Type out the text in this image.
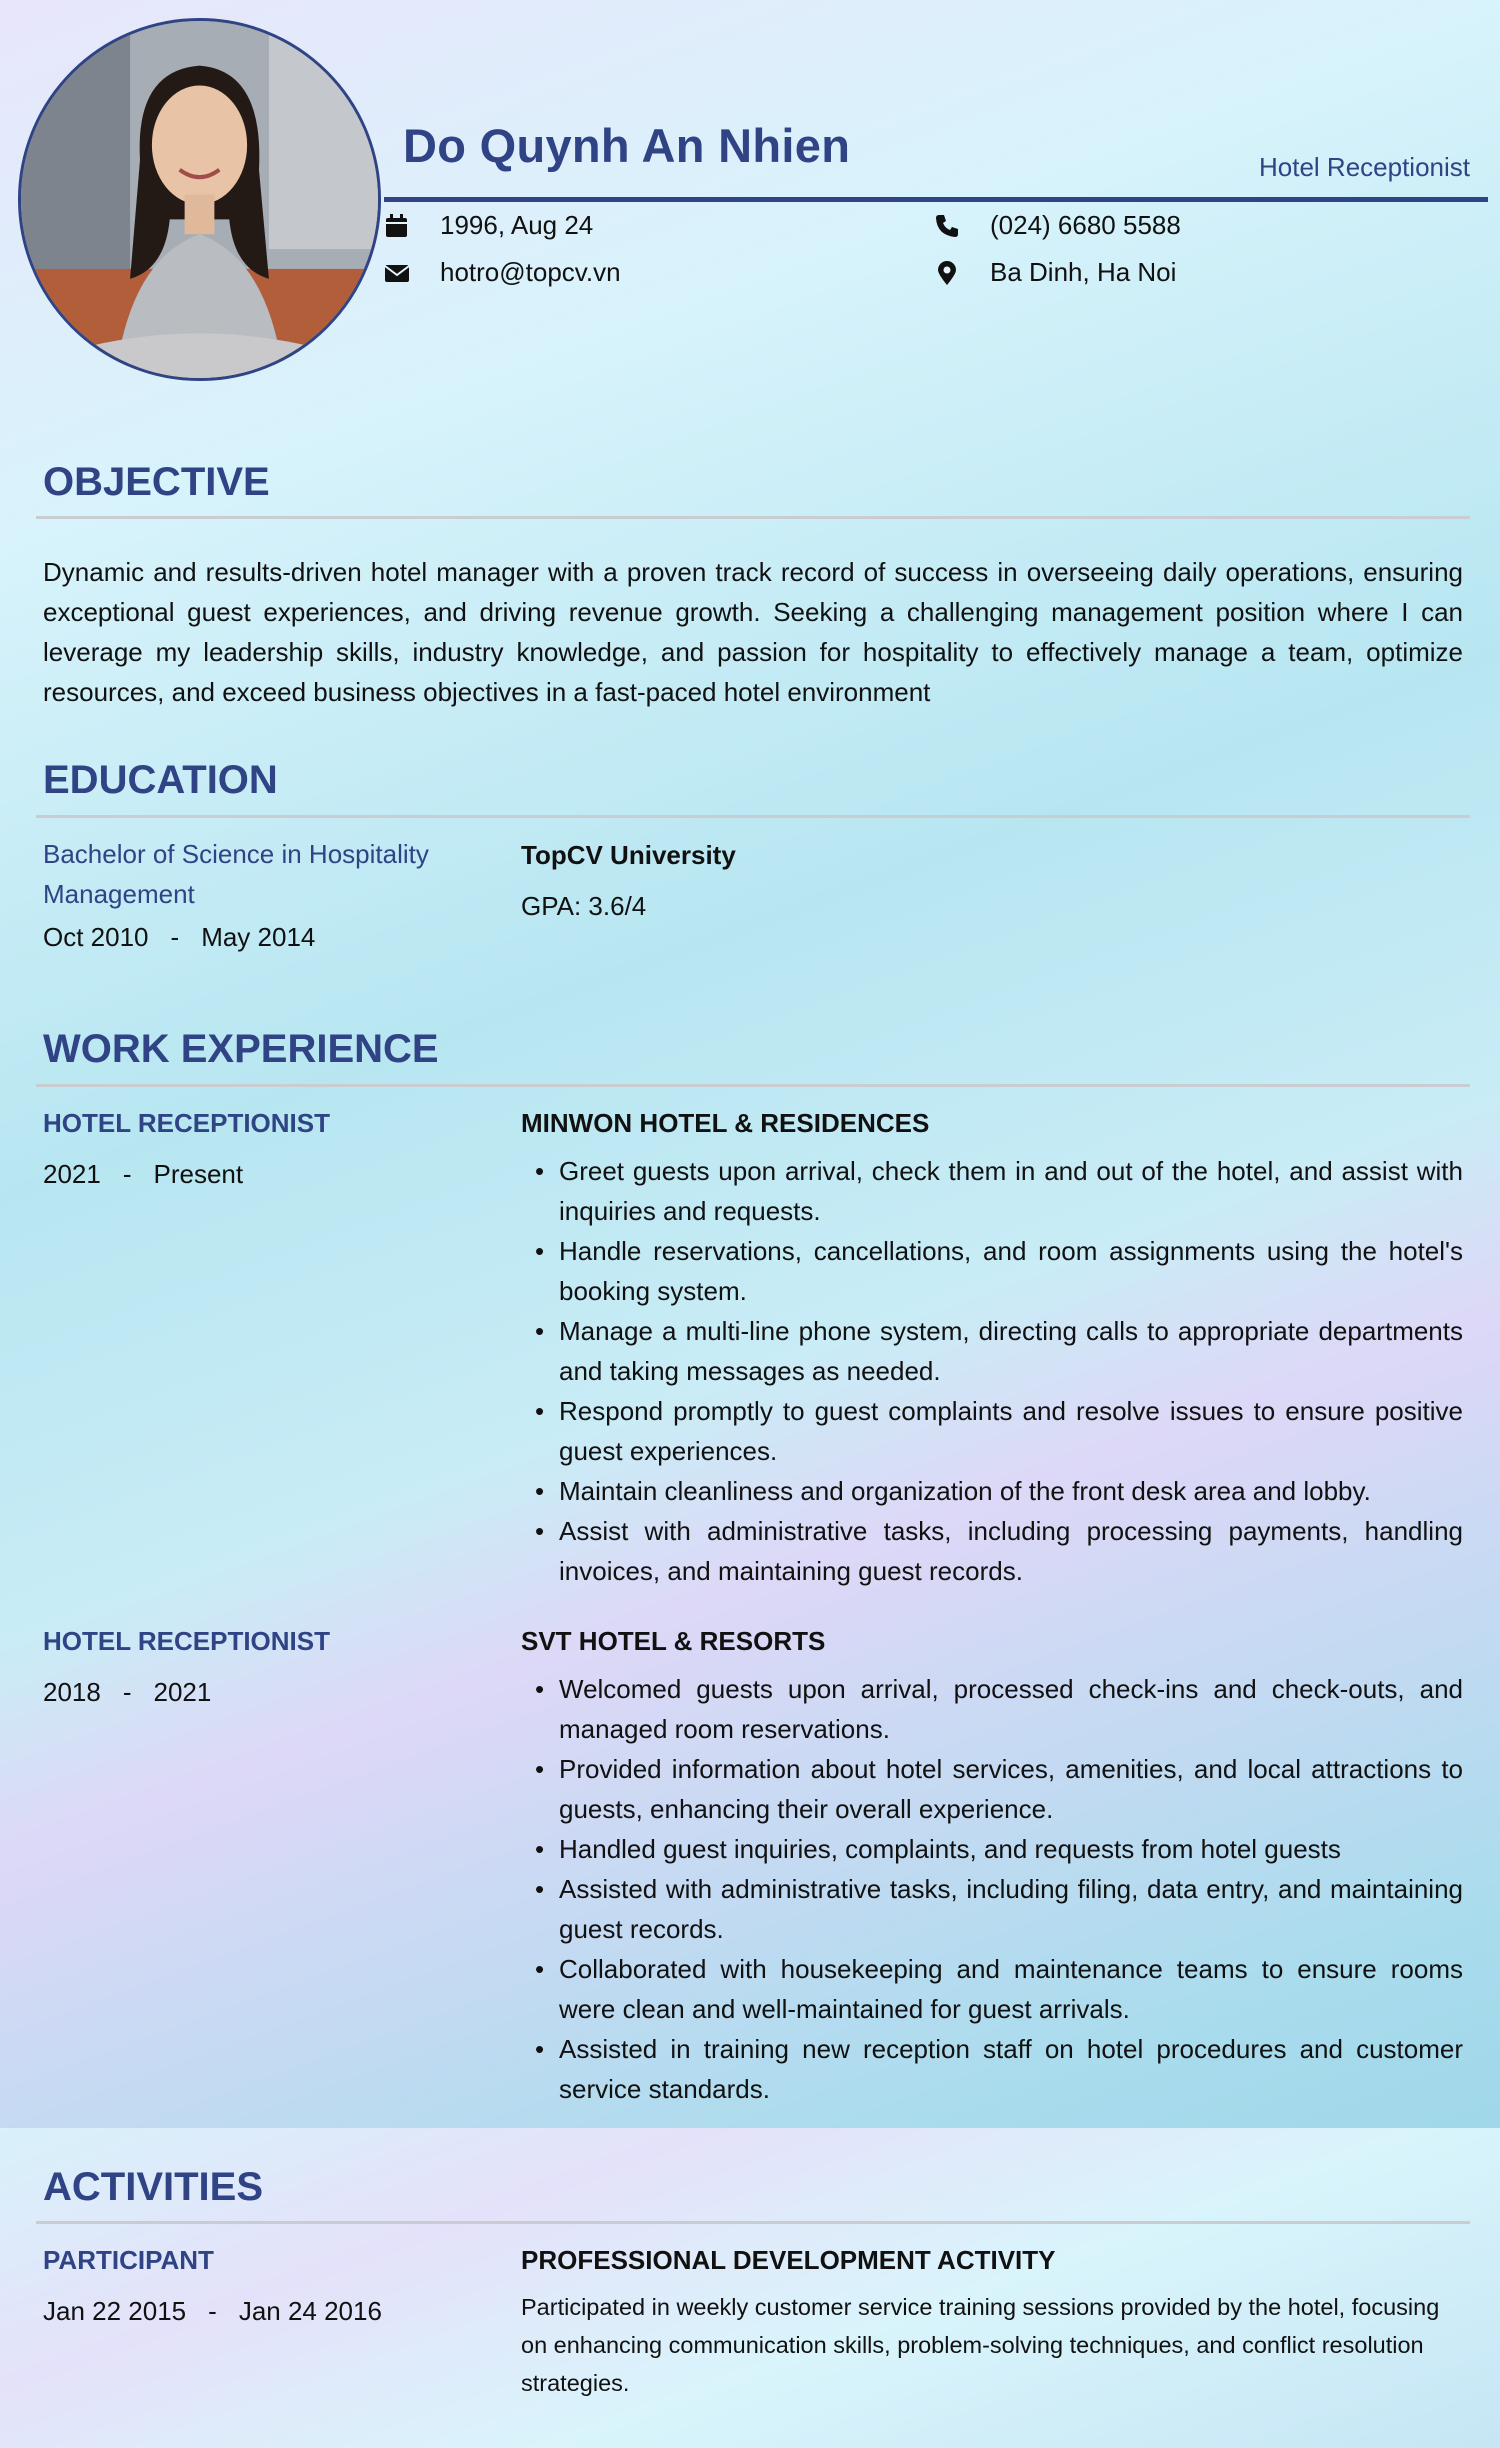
Do Quynh An Nhien	Hotel Receptionist
1996, Aug 24
hotro@topcv.vn
(024) 6680 5588
Ba Dinh, Ha Noi
OBJECTIVE
Dynamic and results-driven hotel manager with a proven track record of success in overseeing daily operations, ensuring exceptional guest experiences, and driving revenue growth. Seeking a challenging management position where I can leverage my leadership skills, industry knowledge, and passion for hospitality to effectively manage a team, optimize resources, and exceed business objectives in a fast-paced hotel environment
EDUCATION
Bachelor of Science in Hospitality Management
Oct 2010 - May 2014
TopCV University
GPA: 3.6/4
WORK EXPERIENCE
HOTEL RECEPTIONIST
2021 - Present
MINWON HOTEL & RESIDENCES
• Greet guests upon arrival, check them in and out of the hotel, and assist with inquiries and requests.
• Handle reservations, cancellations, and room assignments using the hotel's booking system.
• Manage a multi-line phone system, directing calls to appropriate departments and taking messages as needed.
• Respond promptly to guest complaints and resolve issues to ensure positive guest experiences.
• Maintain cleanliness and organization of the front desk area and lobby.
• Assist with administrative tasks, including processing payments, handling invoices, and maintaining guest records.
HOTEL RECEPTIONIST
2018 - 2021
SVT HOTEL & RESORTS
• Welcomed guests upon arrival, processed check-ins and check-outs, and managed room reservations.
• Provided information about hotel services, amenities, and local attractions to guests, enhancing their overall experience.
• Handled guest inquiries, complaints, and requests from hotel guests
• Assisted with administrative tasks, including filing, data entry, and maintaining guest records.
• Collaborated with housekeeping and maintenance teams to ensure rooms were clean and well-maintained for guest arrivals.
• Assisted in training new reception staff on hotel procedures and customer service standards.
ACTIVITIES
PARTICIPANT
Jan 22 2015 - Jan 24 2016
PROFESSIONAL DEVELOPMENT ACTIVITY
Participated in weekly customer service training sessions provided by the hotel, focusing on enhancing communication skills, problem-solving techniques, and conflict resolution strategies.
